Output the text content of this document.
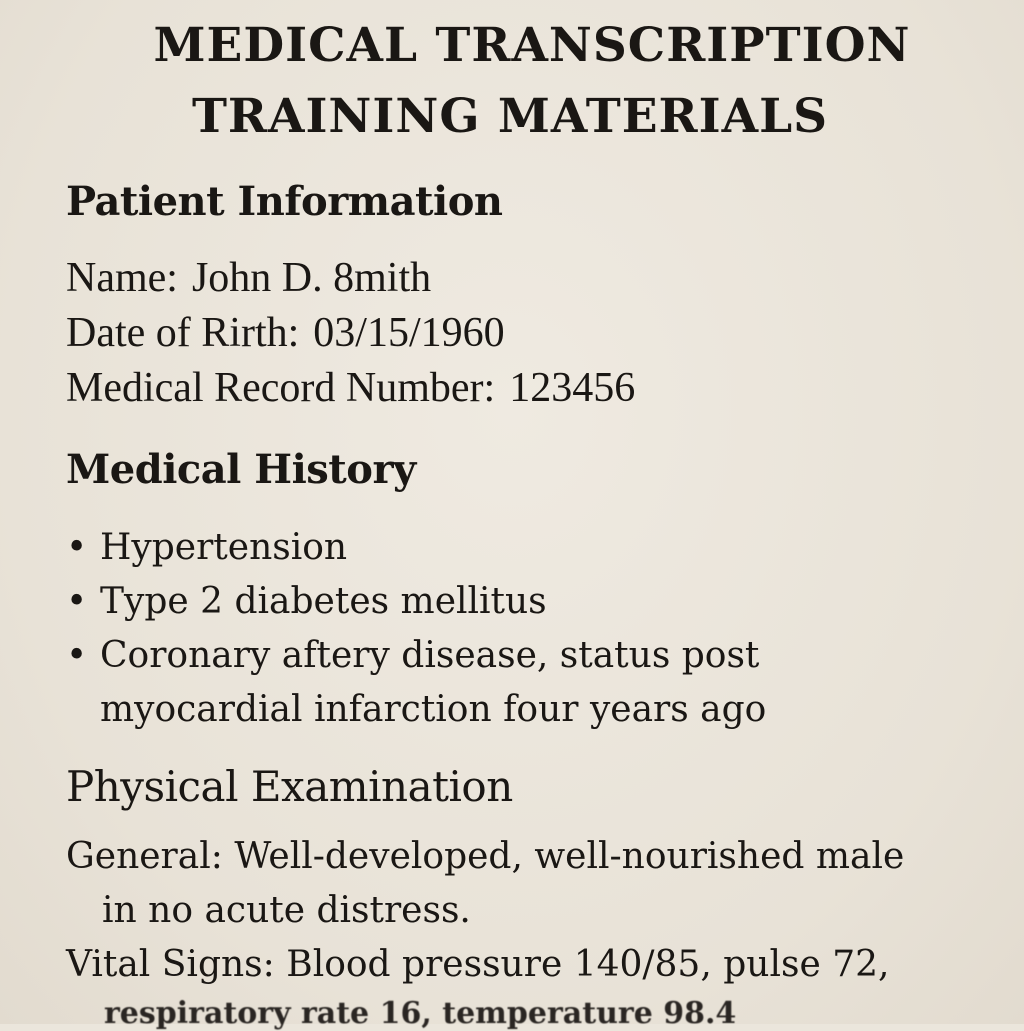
MEDICAL TRANSCRIPTION
TRAINING MATERIALS
Patient Information
Name: John D. 8mith
Date of Rirth: 03/15/1960
Medical Record Number: 123456
Medical History
• Hypertension
• Type 2 diabetes mellitus
• Coronary aftery disease, status post myocardial infarction four years ago
Physical Examination
General: Well-developed, well-nourished male
in no acute distress.
Vital Signs: Blood pressure 140/85, pulse 72,
respiratory rate 16, temperature 98.4
